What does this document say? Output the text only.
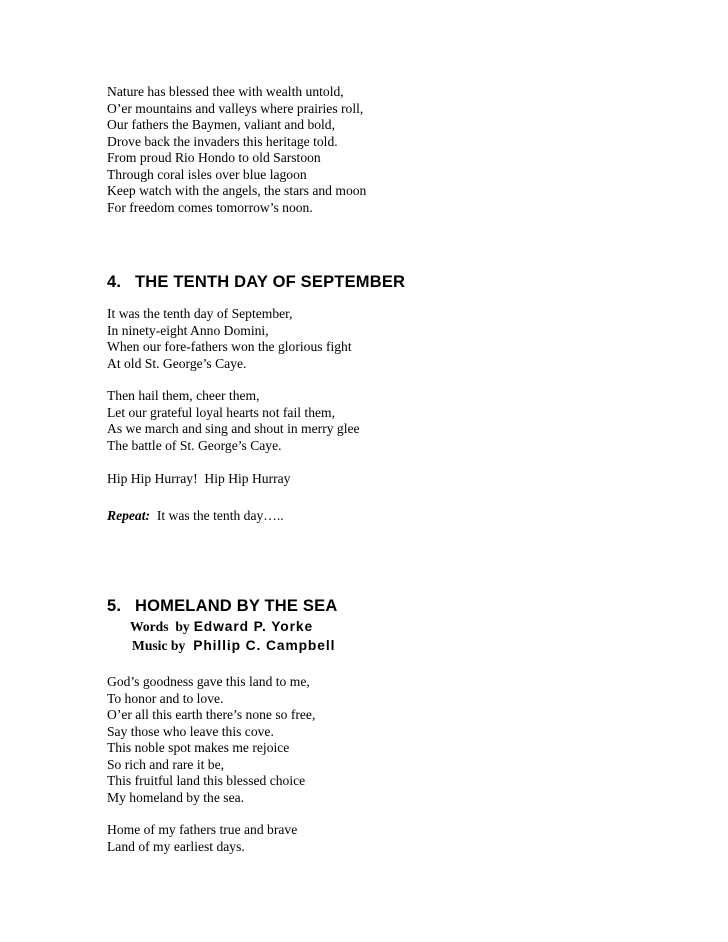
Nature has blessed thee with wealth untold,
O’er mountains and valleys where prairies roll,
Our fathers the Baymen, valiant and bold,
Drove back the invaders this heritage told.
From proud Rio Hondo to old Sarstoon
Through coral isles over blue lagoon
Keep watch with the angels, the stars and moon
For freedom comes tomorrow’s noon.
4. THE TENTH DAY OF SEPTEMBER
It was the tenth day of September,
In ninety-eight Anno Domini,
When our fore-fathers won the glorious fight
At old St. George’s Caye.
Then hail them, cheer them,
Let our grateful loyal hearts not fail them,
As we march and sing and shout in merry glee
The battle of St. George’s Caye.
Hip Hip Hurray!  Hip Hip Hurray
Repeat: It was the tenth day…..
5. HOMELAND BY THE SEA
Words  by Edward P. Yorke
Music by Phillip C. Campbell
God’s goodness gave this land to me,
To honor and to love.
O’er all this earth there’s none so free,
Say those who leave this cove.
This noble spot makes me rejoice
So rich and rare it be,
This fruitful land this blessed choice
My homeland by the sea.
Home of my fathers true and brave
Land of my earliest days.
